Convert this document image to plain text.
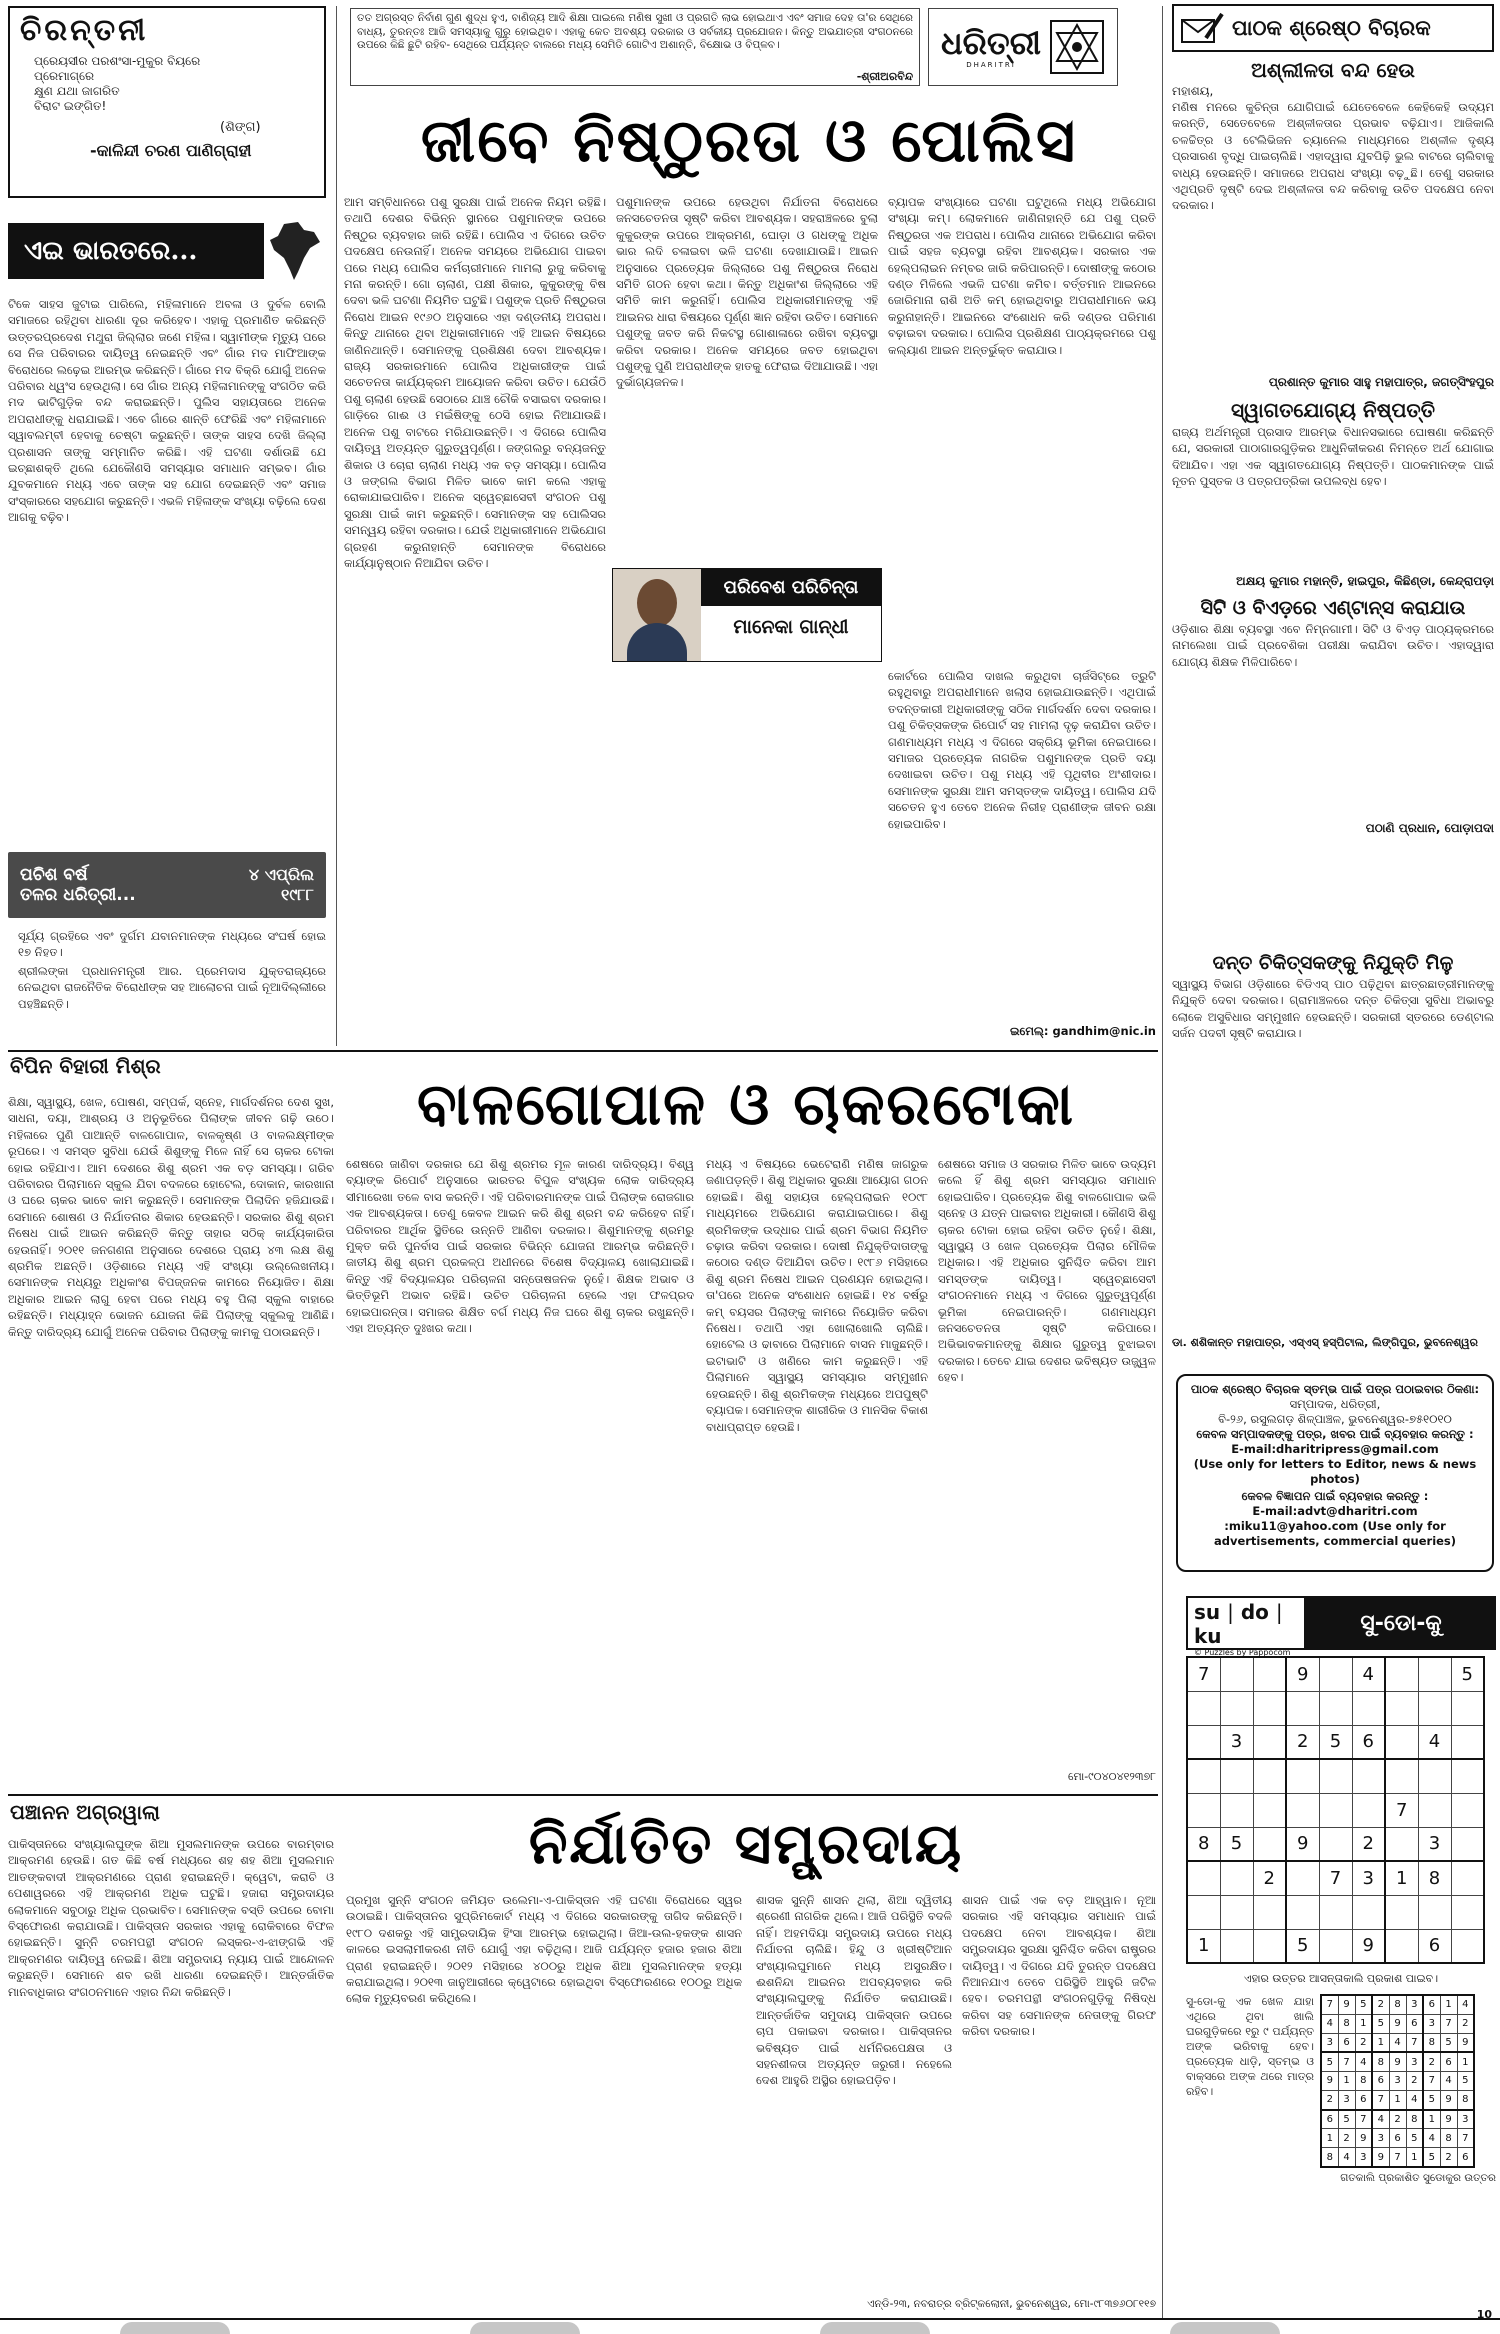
ଚିରନ୍ତନୀ
ପ୍ରେୟସୀର ପରଶଂସା-ମୁକୁର ବିୟରେ
ପ୍ରେମାଗ୍ରେ
କ୍ଷୁଣ ଯଥା ଜାଗରିତ
ବିରାଟ ଇଙ୍ଗିତ!
(ଶିଙ୍ଗ)
-କାଳିନ୍ଦୀ ଚରଣ ପାଣିଗ୍ରାହୀ
ତତ ଅଗ୍ରସ୍ତ ନିର୍ବାଣ ଗୁଣ ଶୁଦ୍ଧ ହୁଏ, ବାଣିଜ୍ୟ ଆଦି ଶିକ୍ଷା ପାଇଲେ ମଣିଷ ସୁଖୀ ଓ ପ୍ରଗତି ଲାଭ ହୋଇଥାଏ ଏବଂ ସମାଜ ଦେହ ତା'ର ସେଥିରେ ବାଧ୍ୟ, ତୁରନ୍ତଃ ଆଜି ସମସ୍ୟାକୁ ଗୁରୁ ହୋଇଥିବ। ଏହାକୁ କେତ ଅବଶ୍ୟ ଦରକାର ଓ ସର୍ବକୀୟ ପ୍ରଯୋଜନ। କିନ୍ତୁ ଅଭଯାତ୍ରୀ ସଂଗଠନରେ ଉପରେ କିଛି ଛୁଟି ରହିବ- ସେଥିରେ ପର୍ଯ୍ୟନ୍ତ ବାଲରେ ମଧ୍ୟ ସେମିତି ଗୋଟିଏ ଅଶାନ୍ତି, ବିକ୍ଷୋଭ ଓ ବିପ୍ଳବ।
-ଶ୍ରୀଅରବିନ୍ଦ
ଧରିତ୍ରୀ
DHARITRI
ପାଠକ ଶ୍ରେଷ୍ଠ ବିଚାରକ
ଅଶ୍ଲୀଳତା ବନ୍ଦ ହେଉ
ମହାଶୟ,
ମଣିଷ ମନରେ କୁଚିନ୍ତା ଯୋଗିପାଇଁ ଯେତେବେଳେ କେହିକେହି ଉଦ୍ୟମ କରନ୍ତି, ସେତେବେଳେ ଅଶ୍ଳୀଳତାର ପ୍ରଭାବ ବଢ଼ିଯାଏ। ଆଜିକାଲି ଚଳଚ୍ଚିତ୍ର ଓ ଟେଲିଭିଜନ ଚ୍ୟାନେଲ ମାଧ୍ୟମରେ ଅଶ୍ଳୀଳ ଦୃଶ୍ୟ ପ୍ରସାରଣ ବୃଦ୍ଧି ପାଇଚାଲିଛି। ଏହାଦ୍ୱାରା ଯୁବପିଢ଼ି ଭୁଲ ବାଟରେ ଚାଲିବାକୁ ବାଧ୍ୟ ହେଉଛନ୍ତି। ସମାଜରେ ଅପରାଧ ସଂଖ୍ୟା ବଢ଼ୁଛି। ତେଣୁ ସରକାର ଏଥିପ୍ରତି ଦୃଷ୍ଟି ଦେଇ ଅଶ୍ଳୀଳତା ବନ୍ଦ କରିବାକୁ ଉଚିତ ପଦକ୍ଷେପ ନେବା ଦରକାର।
ପ୍ରଶାନ୍ତ କୁମାର ସାହୁ ମହାପାତ୍ର, ଜଗତ୍ସିଂହପୁର
ସ୍ୱାଗତଯୋଗ୍ୟ ନିଷ୍ପତ୍ତି
ରାଜ୍ୟ ଅର୍ଥମନ୍ତ୍ରୀ ପ୍ରସାଦ ଆରମ୍ଭ ବିଧାନସଭାରେ ଘୋଷଣା କରିଛନ୍ତି ଯେ, ସରକାରୀ ପାଠାଗାରଗୁଡ଼ିକର ଆଧୁନିକୀକରଣ ନିମନ୍ତେ ଅର୍ଥ ଯୋଗାଇ ଦିଆଯିବ। ଏହା ଏକ ସ୍ୱାଗତଯୋଗ୍ୟ ନିଷ୍ପତ୍ତି। ପାଠକମାନଙ୍କ ପାଇଁ ନୂତନ ପୁସ୍ତକ ଓ ପତ୍ରପତ୍ରିକା ଉପଲବ୍ଧ ହେବ।
ଅକ୍ଷୟ କୁମାର ମହାନ୍ତି, ହାଇପୁର, କିଛିଣ୍ଡା, କେନ୍ଦ୍ରାପଡ଼ା
ସିଟି ଓ ବିଏଡ଼ରେ ଏଣ୍ଟାନ୍ସ କରାଯାଉ
ଓଡ଼ିଶାର ଶିକ୍ଷା ବ୍ୟବସ୍ଥା ଏବେ ନିମ୍ନଗାମୀ। ସିଟି ଓ ବିଏଡ଼ ପାଠ୍ୟକ୍ରମରେ ନାମଲେଖା ପାଇଁ ପ୍ରବେଶିକା ପରୀକ୍ଷା କରାଯିବା ଉଚିତ। ଏହାଦ୍ୱାରା ଯୋଗ୍ୟ ଶିକ୍ଷକ ମିଳିପାରିବେ।
ପଠାଣି ପ୍ରଧାନ, ପୋଡ଼ାପଦା
ଦନ୍ତ ଚିକିତ୍ସକଙ୍କୁ ନିଯୁକ୍ତି ମିଳୁ
ସ୍ୱାସ୍ଥ୍ୟ ବିଭାଗ ଓଡ଼ିଶାରେ ବିଡିଏସ୍ ପାଠ ପଢ଼ିଥିବା ଛାତ୍ରଛାତ୍ରୀମାନଙ୍କୁ ନିଯୁକ୍ତି ଦେବା ଦରକାର। ଗ୍ରାମାଞ୍ଚଳରେ ଦନ୍ତ ଚିକିତ୍ସା ସୁବିଧା ଅଭାବରୁ ଲୋକେ ଅସୁବିଧାର ସମ୍ମୁଖୀନ ହେଉଛନ୍ତି। ସରକାରୀ ସ୍ତରରେ ଡେଣ୍ଟାଲ ସର୍ଜନ ପଦବୀ ସୃଷ୍ଟି କରାଯାଉ।
ଡା. ଶଶିକାନ୍ତ ମହାପାତ୍ର, ଏସ୍‌ଏସ୍ ହସ୍ପିଟାଲ, ଲିଙ୍ଗିପୁର, ଭୁବନେଶ୍ୱର
ପାଠକ ଶ୍ରେଷ୍ଠ ବିଚାରକ ସ୍ତମ୍ଭ ପାଇଁ ପତ୍ର ପଠାଇବାର ଠିକଣା:
ସମ୍ପାଦକ, ଧରିତ୍ରୀ,
ବି-୨୬, ରସୁଲଗଡ଼ ଶିଳ୍ପାଞ୍ଚଳ, ଭୁବନେଶ୍ୱର-୭୫୧୦୧୦
କେବଳ ସମ୍ପାଦକଙ୍କୁ ପତ୍ର, ଖବର ପାଇଁ ବ୍ୟବହାର କରନ୍ତୁ :
E-mail:dharitripress@gmail.com
(Use only for letters to Editor, news & news photos)
କେବଳ ବିଜ୍ଞାପନ ପାଇଁ ବ୍ୟବହାର କରନ୍ତୁ :
E-mail:advt@dharitri.com
:miku11@yahoo.com (Use only for advertisements, commercial queries)
su | do | ku
© Puzzles by Pappocom
ସୁ-ଡୋ-କୁ
7			9		4			5

	3		2	5	6		4	

						7		
8	5		9		2		3	
		2		7	3	1	8	

1			5		9		6	
ଏହାର ଉତ୍ତର ଆସନ୍ତାକାଲି ପ୍ରକାଶ ପାଇବ।
ସୁ-ଡୋ-କୁ ଏକ ଖେଳ ଯାହା ଏଥିରେ ଥିବା ଖାଲି ଘରଗୁଡ଼ିକରେ ୧ରୁ ୯ ପର୍ଯ୍ୟନ୍ତ ଅଙ୍କ ଭରିବାକୁ ହେବ। ପ୍ରତ୍ୟେକ ଧାଡ଼ି, ସ୍ତମ୍ଭ ଓ ବାକ୍ସରେ ଅଙ୍କ ଥରେ ମାତ୍ର ରହିବ।
7	9	5	2	8	3	6	1	4
4	8	1	5	9	6	3	7	2
3	6	2	1	4	7	8	5	9
5	7	4	8	9	3	2	6	1
9	1	8	6	3	2	7	4	5
2	3	6	7	1	4	5	9	8
6	5	7	4	2	8	1	9	3
1	2	9	3	6	5	4	8	7
8	4	3	9	7	1	5	2	6
ଗତକାଲି ପ୍ରକାଶିତ ସୁଡୋକୁର ଉତ୍ତର
ଏଇ ଭାରତରେ...
ଟିକେ ସାହସ ଜୁଟାଇ ପାରିଲେ, ମହିଳାମାନେ ଅବଳା ଓ ଦୁର୍ବଳ ବୋଲି ସମାଜରେ ରହିଥିବା ଧାରଣା ଦୂର କରିହେବ। ଏହାକୁ ପ୍ରମାଣିତ କରିଛନ୍ତି ଉତ୍ତରପ୍ରଦେଶ ମଥୁରା ଜିଲ୍ଲାର ଜଣେ ମହିଳା। ସ୍ୱାମୀଙ୍କ ମୃତ୍ୟୁ ପରେ ସେ ନିଜ ପରିବାରର ଦାୟିତ୍ୱ ନେଇଛନ୍ତି ଏବଂ ଗାଁର ମଦ ମାଫିଆଙ୍କ ବିରୋଧରେ ଲଢ଼େଇ ଆରମ୍ଭ କରିଛନ୍ତି। ଗାଁରେ ମଦ ବିକ୍ରି ଯୋଗୁଁ ଅନେକ ପରିବାର ଧ୍ୱଂସ ହେଉଥିଲା। ସେ ଗାଁର ଅନ୍ୟ ମହିଳାମାନଙ୍କୁ ସଂଗଠିତ କରି ମଦ ଭାଟିଗୁଡ଼ିକ ବନ୍ଦ କରାଇଛନ୍ତି। ପୁଲିସ ସହାୟତାରେ ଅନେକ ଅପରାଧୀଙ୍କୁ ଧରାଯାଇଛି। ଏବେ ଗାଁରେ ଶାନ୍ତି ଫେରିଛି ଏବଂ ମହିଳାମାନେ ସ୍ୱାବଲମ୍ବୀ ହେବାକୁ ଚେଷ୍ଟା କରୁଛନ୍ତି। ତାଙ୍କ ସାହସ ଦେଖି ଜିଲ୍ଲା ପ୍ରଶାସନ ତାଙ୍କୁ ସମ୍ମାନିତ କରିଛି। ଏହି ଘଟଣା ଦର୍ଶାଉଛି ଯେ ଇଚ୍ଛାଶକ୍ତି ଥିଲେ ଯେକୌଣସି ସମସ୍ୟାର ସମାଧାନ ସମ୍ଭବ। ଗାଁର ଯୁବକମାନେ ମଧ୍ୟ ଏବେ ତାଙ୍କ ସହ ଯୋଗ ଦେଇଛନ୍ତି ଏବଂ ସମାଜ ସଂସ୍କାରରେ ସହଯୋଗ କରୁଛନ୍ତି। ଏଭଳି ମହିଳାଙ୍କ ସଂଖ୍ୟା ବଢ଼ିଲେ ଦେଶ ଆଗକୁ ବଢ଼ିବ।
ପଚିଶ ବର୍ଷ
ତଳର ଧରିତ୍ରୀ...
୪ ଏପ୍ରିଲ
୧୯୮୮
ସୂର୍ଯ୍ୟ ଗ୍ରହିରେ ଏବଂ ଦୁର୍ଗମ ଯବାନମାନଙ୍କ ମଧ୍ୟରେ ସଂଘର୍ଷ ହୋଇ ୧୭ ନିହତ।
ଶ୍ରୀଲଙ୍କା ପ୍ରଧାନମନ୍ତ୍ରୀ ଆର. ପ୍ରେମଦାସ ଯୁକ୍ତରାଜ୍ୟରେ ନେଇଥିବା ରାଜନୈତିକ ବିରୋଧୀଙ୍କ ସହ ଆଲୋଚନା ପାଇଁ ନୂଆଦିଲ୍ଲୀରେ ପହଞ୍ଚିଛନ୍ତି।
ଜୀବେ ନିଷ୍ଠୁରତା ଓ ପୋଲିସ
ଆମ ସମ୍ବିଧାନରେ ପଶୁ ସୁରକ୍ଷା ପାଇଁ ଅନେକ ନିୟମ ରହିଛି। ତଥାପି ଦେଶର ବିଭିନ୍ନ ସ୍ଥାନରେ ପଶୁମାନଙ୍କ ଉପରେ ନିଷ୍ଠୁର ବ୍ୟବହାର ଜାରି ରହିଛି। ପୋଲିସ ଏ ଦିଗରେ ଉଚିତ ପଦକ୍ଷେପ ନେଉନାହିଁ। ଅନେକ ସମୟରେ ଅଭିଯୋଗ ପାଇବା ପରେ ମଧ୍ୟ ପୋଲିସ କର୍ମଚାରୀମାନେ ମାମଲା ରୁଜୁ କରିବାକୁ ମନା କରନ୍ତି। ଗୋ ଚାଲାଣ, ପକ୍ଷୀ ଶିକାର, କୁକୁରଙ୍କୁ ବିଷ ଦେବା ଭଳି ଘଟଣା ନିୟମିତ ଘଟୁଛି। ପଶୁଙ୍କ ପ୍ରତି ନିଷ୍ଠୁରତା ନିରୋଧ ଆଇନ ୧୯୬୦ ଅନୁସାରେ ଏହା ଦଣ୍ଡନୀୟ ଅପରାଧ। କିନ୍ତୁ ଥାନାରେ ଥିବା ଅଧିକାରୀମାନେ ଏହି ଆଇନ ବିଷୟରେ ଜାଣିନଥାନ୍ତି। ସେମାନଙ୍କୁ ପ୍ରଶିକ୍ଷଣ ଦେବା ଆବଶ୍ୟକ। ରାଜ୍ୟ ସରକାରମାନେ ପୋଲିସ ଅଧିକାରୀଙ୍କ ପାଇଁ ସଚେତନତା କାର୍ଯ୍ୟକ୍ରମ ଆୟୋଜନ କରିବା ଉଚିତ। ଯେଉଁଠି ପଶୁ ଚାଲାଣ ହେଉଛି ସେଠାରେ ଯାଞ୍ଚ ଚୌକି ବସାଇବା ଦରକାର। ଗାଡ଼ିରେ ଗାଈ ଓ ମଇଁଷିଙ୍କୁ ଠେସି ହୋଇ ନିଆଯାଉଛି। ଅନେକ ପଶୁ ବାଟରେ ମରିଯାଉଛନ୍ତି। ଏ ଦିଗରେ ପୋଲିସ ଦାୟିତ୍ୱ ଅତ୍ୟନ୍ତ ଗୁରୁତ୍ୱପୂର୍ଣ୍ଣ। ଜଙ୍ଗଲରୁ ବନ୍ୟଜନ୍ତୁ ଶିକାର ଓ ଚୋରା ଚାଲାଣ ମଧ୍ୟ ଏକ ବଡ଼ ସମସ୍ୟା। ପୋଲିସ ଓ ଜଙ୍ଗଲ ବିଭାଗ ମିଳିତ ଭାବେ କାମ କଲେ ଏହାକୁ ରୋକାଯାଇପାରିବ। ଅନେକ ସ୍ୱେଚ୍ଛାସେବୀ ସଂଗଠନ ପଶୁ ସୁରକ୍ଷା ପାଇଁ କାମ କରୁଛନ୍ତି। ସେମାନଙ୍କ ସହ ପୋଲିସର ସମନ୍ୱୟ ରହିବା ଦରକାର। ଯେଉଁ ଅଧିକାରୀମାନେ ଅଭିଯୋଗ ଗ୍ରହଣ କରୁନାହାନ୍ତି ସେମାନଙ୍କ ବିରୋଧରେ କାର୍ଯ୍ୟାନୁଷ୍ଠାନ ନିଆଯିବା ଉଚିତ।
ପଶୁମାନଙ୍କ ଉପରେ ହେଉଥିବା ନିର୍ଯାତନା ବିରୋଧରେ ଜନସଚେତନତା ସୃଷ୍ଟି କରିବା ଆବଶ୍ୟକ। ସହରାଞ୍ଚଳରେ ବୁଲା କୁକୁରଙ୍କ ଉପରେ ଆକ୍ରମଣ, ଘୋଡ଼ା ଓ ଗଧଙ୍କୁ ଅଧିକ ଭାର ଲଦି ଚଳାଇବା ଭଳି ଘଟଣା ଦେଖାଯାଉଛି। ଆଇନ ଅନୁସାରେ ପ୍ରତ୍ୟେକ ଜିଲ୍ଲାରେ ପଶୁ ନିଷ୍ଠୁରତା ନିରୋଧ ସମିତି ଗଠନ ହେବା କଥା। କିନ୍ତୁ ଅଧିକାଂଶ ଜିଲ୍ଲାରେ ଏହି ସମିତି କାମ କରୁନାହିଁ। ପୋଲିସ ଅଧିକାରୀମାନଙ୍କୁ ଏହି ଆଇନର ଧାରା ବିଷୟରେ ପୂର୍ଣ୍ଣ ଜ୍ଞାନ ରହିବା ଉଚିତ। ସେମାନେ ପଶୁଙ୍କୁ ଜବତ କରି ନିକଟସ୍ଥ ଗୋଶାଳାରେ ରଖିବା ବ୍ୟବସ୍ଥା କରିବା ଦରକାର। ଅନେକ ସମୟରେ ଜବତ ହୋଇଥିବା ପଶୁଙ୍କୁ ପୁଣି ଅପରାଧୀଙ୍କ ହାତକୁ ଫେରାଇ ଦିଆଯାଉଛି। ଏହା ଦୁର୍ଭାଗ୍ୟଜନକ।
ବ୍ୟାପକ ସଂଖ୍ୟାରେ ଘଟଣା ଘଟୁଥିଲେ ମଧ୍ୟ ଅଭିଯୋଗ ସଂଖ୍ୟା କମ୍। ଲୋକମାନେ ଜାଣିନାହାନ୍ତି ଯେ ପଶୁ ପ୍ରତି ନିଷ୍ଠୁରତା ଏକ ଅପରାଧ। ପୋଲିସ ଥାନାରେ ଅଭିଯୋଗ କରିବା ପାଇଁ ସହଜ ବ୍ୟବସ୍ଥା ରହିବା ଆବଶ୍ୟକ। ସରକାର ଏକ ହେଲ୍ପଲାଇନ ନମ୍ବର ଜାରି କରିପାରନ୍ତି। ଦୋଷୀଙ୍କୁ କଠୋର ଦଣ୍ଡ ମିଳିଲେ ଏଭଳି ଘଟଣା କମିବ। ବର୍ତ୍ତମାନ ଆଇନରେ ଜୋରିମାନା ରାଶି ଅତି କମ୍ ହୋଇଥିବାରୁ ଅପରାଧୀମାନେ ଭୟ କରୁନାହାନ୍ତି। ଆଇନରେ ସଂଶୋଧନ କରି ଦଣ୍ଡର ପରିମାଣ ବଢ଼ାଇବା ଦରକାର। ପୋଲିସ ପ୍ରଶିକ୍ଷଣ ପାଠ୍ୟକ୍ରମରେ ପଶୁ କଲ୍ୟାଣ ଆଇନ ଅନ୍ତର୍ଭୁକ୍ତ କରାଯାଉ।
ପରିବେଶ ପରିଚିନ୍ତା
ମାନେକା ଗାନ୍ଧୀ
କୋର୍ଟରେ ପୋଲିସ ଦାଖଲ କରୁଥିବା ଚାର୍ଜସିଟ୍‌ରେ ତ୍ରୁଟି ରହୁଥିବାରୁ ଅପରାଧୀମାନେ ଖଲାସ ହୋଇଯାଉଛନ୍ତି। ଏଥିପାଇଁ ତଦନ୍ତକାରୀ ଅଧିକାରୀଙ୍କୁ ସଠିକ ମାର୍ଗଦର୍ଶନ ଦେବା ଦରକାର। ପଶୁ ଚିକିତ୍ସକଙ୍କ ରିପୋର୍ଟ ସହ ମାମଲା ଦୃଢ଼ କରାଯିବା ଉଚିତ। ଗଣମାଧ୍ୟମ ମଧ୍ୟ ଏ ଦିଗରେ ସକ୍ରିୟ ଭୂମିକା ନେଇପାରେ। ସମାଜର ପ୍ରତ୍ୟେକ ନାଗରିକ ପଶୁମାନଙ୍କ ପ୍ରତି ଦୟା ଦେଖାଇବା ଉଚିତ। ପଶୁ ମଧ୍ୟ ଏହି ପୃଥିବୀର ଅଂଶୀଦାର। ସେମାନଙ୍କ ସୁରକ୍ଷା ଆମ ସମସ୍ତଙ୍କ ଦାୟିତ୍ୱ। ପୋଲିସ ଯଦି ସଚେତନ ହୁଏ ତେବେ ଅନେକ ନିରୀହ ପ୍ରାଣୀଙ୍କ ଜୀବନ ରକ୍ଷା ହୋଇପାରିବ।
ଇମେଲ୍: gandhim@nic.in
ବିପିନ ବିହାରୀ ମିଶ୍ର
ବାଳଗୋପାଳ ଓ ଚାକରଟୋକା
ଶିକ୍ଷା, ସ୍ୱାସ୍ଥ୍ୟ, ଖେଳ, ପୋଷଣ, ସମ୍ପର୍କ, ସ୍ନେହ, ମାର୍ଗଦର୍ଶନର ଦେଶ ସୁଖ, ସାଧନା, ଦୟା, ଆଶ୍ରୟ ଓ ଅନୁଭୂତିରେ ପିଲାଙ୍କ ଜୀବନ ଗଢ଼ି ଉଠେ। ମହିଳାରେ ପୁଣି ପାଆନ୍ତି ବାଳଗୋପାଳ, ବାଳକୃଷ୍ଣ ଓ ବାଳଲକ୍ଷ୍ମୀଙ୍କ ରୂପରେ। ଏ ସମସ୍ତ ସୁବିଧା ଯେଉଁ ଶିଶୁଙ୍କୁ ମିଳେ ନାହିଁ ସେ ଚାକର ଟୋକା ହୋଇ ରହିଯାଏ। ଆମ ଦେଶରେ ଶିଶୁ ଶ୍ରମ ଏକ ବଡ଼ ସମସ୍ୟା। ଗରିବ ପରିବାରର ପିଲାମାନେ ସ୍କୁଲ ଯିବା ବଦଳରେ ହୋଟେଲ, ଦୋକାନ, କାରଖାନା ଓ ଘରେ ଚାକର ଭାବେ କାମ କରୁଛନ୍ତି। ସେମାନଙ୍କ ପିଲାଦିନ ହଜିଯାଉଛି। ସେମାନେ ଶୋଷଣ ଓ ନିର୍ଯାତନାର ଶିକାର ହେଉଛନ୍ତି। ସରକାର ଶିଶୁ ଶ୍ରମ ନିଷେଧ ପାଇଁ ଆଇନ କରିଛନ୍ତି କିନ୍ତୁ ତାହାର ସଠିକ୍ କାର୍ଯ୍ୟକାରିତା ହେଉନାହିଁ। ୨୦୧୧ ଜନଗଣନା ଅନୁସାରେ ଦେଶରେ ପ୍ରାୟ ୪୩ ଲକ୍ଷ ଶିଶୁ ଶ୍ରମିକ ଅଛନ୍ତି। ଓଡ଼ିଶାରେ ମଧ୍ୟ ଏହି ସଂଖ୍ୟା ଉଲ୍ଲେଖନୀୟ। ସେମାନଙ୍କ ମଧ୍ୟରୁ ଅଧିକାଂଶ ବିପଜ୍ଜନକ କାମରେ ନିୟୋଜିତ। ଶିକ୍ଷା ଅଧିକାର ଆଇନ ଲାଗୁ ହେବା ପରେ ମଧ୍ୟ ବହୁ ପିଲା ସ୍କୁଲ ବାହାରେ ରହିଛନ୍ତି। ମଧ୍ୟାହ୍ନ ଭୋଜନ ଯୋଜନା କିଛି ପିଲାଙ୍କୁ ସ୍କୁଲକୁ ଆଣିଛି। କିନ୍ତୁ ଦାରିଦ୍ର୍ୟ ଯୋଗୁଁ ଅନେକ ପରିବାର ପିଲାଙ୍କୁ କାମକୁ ପଠାଉଛନ୍ତି।
ଶେଷରେ ଜାଣିବା ଦରକାର ଯେ ଶିଶୁ ଶ୍ରମର ମୂଳ କାରଣ ଦାରିଦ୍ର୍ୟ। ବିଶ୍ୱ ବ୍ୟାଙ୍କ ରିପୋର୍ଟ ଅନୁସାରେ ଭାରତର ବିପୁଳ ସଂଖ୍ୟକ ଲୋକ ଦାରିଦ୍ର୍ୟ ସୀମାରେଖା ତଳେ ବାସ କରନ୍ତି। ଏହି ପରିବାରମାନଙ୍କ ପାଇଁ ପିଲାଙ୍କ ରୋଜଗାର ଏକ ଆବଶ୍ୟକତା। ତେଣୁ କେବଳ ଆଇନ କରି ଶିଶୁ ଶ୍ରମ ବନ୍ଦ କରିହେବ ନାହିଁ। ପରିବାରର ଆର୍ଥିକ ସ୍ଥିତିରେ ଉନ୍ନତି ଆଣିବା ଦରକାର। ଶିଶୁମାନଙ୍କୁ ଶ୍ରମରୁ ମୁକ୍ତ କରି ପୁନର୍ବାସ ପାଇଁ ସରକାର ବିଭିନ୍ନ ଯୋଜନା ଆରମ୍ଭ କରିଛନ୍ତି। ଜାତୀୟ ଶିଶୁ ଶ୍ରମ ପ୍ରକଳ୍ପ ଅଧୀନରେ ବିଶେଷ ବିଦ୍ୟାଳୟ ଖୋଲାଯାଇଛି। କିନ୍ତୁ ଏହି ବିଦ୍ୟାଳୟର ପରିଚାଳନା ସନ୍ତୋଷଜନକ ନୁହେଁ। ଶିକ୍ଷକ ଅଭାବ ଓ ଭିତ୍ତିଭୂମି ଅଭାବ ରହିଛି। ଉଚିତ ପରିଚାଳନା ହେଲେ ଏହା ଫଳପ୍ରଦ ହୋଇପାରନ୍ତା। ସମାଜର ଶିକ୍ଷିତ ବର୍ଗ ମଧ୍ୟ ନିଜ ଘରେ ଶିଶୁ ଚାକର ରଖୁଛନ୍ତି। ଏହା ଅତ୍ୟନ୍ତ ଦୁଃଖର କଥା।
ମଧ୍ୟ ଏ ବିଷୟରେ ଭେଟେରାଣି ମଣିଷ ଜାଗରୁକ ଜଣାପଡ଼ନ୍ତି। ଶିଶୁ ଅଧିକାର ସୁରକ୍ଷା ଆୟୋଗ ଗଠନ ହୋଇଛି। ଶିଶୁ ସହାୟତା ହେଲ୍ପଲାଇନ ୧୦୯୮ ମାଧ୍ୟମରେ ଅଭିଯୋଗ କରାଯାଇପାରେ। ଶିଶୁ ଶ୍ରମିକଙ୍କ ଉଦ୍ଧାର ପାଇଁ ଶ୍ରମ ବିଭାଗ ନିୟମିତ ଚଢ଼ାଉ କରିବା ଦରକାର। ଦୋଷୀ ନିଯୁକ୍ତିଦାତାଙ୍କୁ କଠୋର ଦଣ୍ଡ ଦିଆଯିବା ଉଚିତ। ୧୯୮୬ ମସିହାରେ ଶିଶୁ ଶ୍ରମ ନିଷେଧ ଆଇନ ପ୍ରଣୟନ ହୋଇଥିଲା। ତା'ପରେ ଅନେକ ସଂଶୋଧନ ହୋଇଛି। ୧୪ ବର୍ଷରୁ କମ୍ ବୟସର ପିଲାଙ୍କୁ କାମରେ ନିୟୋଜିତ କରିବା ନିଷେଧ। ତଥାପି ଏହା ଖୋଲାଖୋଲି ଚାଲିଛି। ହୋଟେଲ ଓ ଢାବାରେ ପିଲାମାନେ ବାସନ ମାଜୁଛନ୍ତି। ଇଟାଭାଟି ଓ ଖଣିରେ କାମ କରୁଛନ୍ତି। ଏହି ପିଲାମାନେ ସ୍ୱାସ୍ଥ୍ୟ ସମସ୍ୟାର ସମ୍ମୁଖୀନ ହେଉଛନ୍ତି। ଶିଶୁ ଶ୍ରମିକଙ୍କ ମଧ୍ୟରେ ଅପପୁଷ୍ଟି ବ୍ୟାପକ। ସେମାନଙ୍କ ଶାରୀରିକ ଓ ମାନସିକ ବିକାଶ ବାଧାପ୍ରାପ୍ତ ହେଉଛି।
ଶେଷରେ ସମାଜ ଓ ସରକାର ମିଳିତ ଭାବେ ଉଦ୍ୟମ କଲେ ହିଁ ଶିଶୁ ଶ୍ରମ ସମସ୍ୟାର ସମାଧାନ ହୋଇପାରିବ। ପ୍ରତ୍ୟେକ ଶିଶୁ ବାଳଗୋପାଳ ଭଳି ସ୍ନେହ ଓ ଯତ୍ନ ପାଇବାର ଅଧିକାରୀ। କୌଣସି ଶିଶୁ ଚାକର ଟୋକା ହୋଇ ରହିବା ଉଚିତ ନୁହେଁ। ଶିକ୍ଷା, ସ୍ୱାସ୍ଥ୍ୟ ଓ ଖେଳ ପ୍ରତ୍ୟେକ ପିଲାର ମୌଳିକ ଅଧିକାର। ଏହି ଅଧିକାର ସୁନିଶ୍ଚିତ କରିବା ଆମ ସମସ୍ତଙ୍କ ଦାୟିତ୍ୱ। ସ୍ୱେଚ୍ଛାସେବୀ ସଂଗଠନମାନେ ମଧ୍ୟ ଏ ଦିଗରେ ଗୁରୁତ୍ୱପୂର୍ଣ୍ଣ ଭୂମିକା ନେଇପାରନ୍ତି। ଗଣମାଧ୍ୟମ ଜନସଚେତନତା ସୃଷ୍ଟି କରିପାରେ। ଅଭିଭାବକମାନଙ୍କୁ ଶିକ୍ଷାର ଗୁରୁତ୍ୱ ବୁଝାଇବା ଦରକାର। ତେବେ ଯାଇ ଦେଶର ଭବିଷ୍ୟତ ଉଜ୍ଜ୍ୱଳ ହେବ।
ମୋ-୯୦୪୦୪୧୨୩୭୮
ପଞ୍ଚାନନ ଅଗ୍ରୱାଲା	ନିର୍ଯାତିତ ସମ୍ପ୍ରଦାୟ
ପାକିସ୍ତାନରେ ସଂଖ୍ୟାଲଘୁଙ୍କ ଶିଆ ମୁସଲମାନଙ୍କ ଉପରେ ବାରମ୍ବାର ଆକ୍ରମଣ ହେଉଛି। ଗତ କିଛି ବର୍ଷ ମଧ୍ୟରେ ଶହ ଶହ ଶିଆ ମୁସଲମାନ ଆତଙ୍କବାଦୀ ଆକ୍ରମଣରେ ପ୍ରାଣ ହରାଇଛନ୍ତି। କ୍ୱେଟା, କରାଚି ଓ ପେଶାୱରରେ ଏହି ଆକ୍ରମଣ ଅଧିକ ଘଟୁଛି। ହଜାରା ସମ୍ପ୍ରଦାୟର ଲୋକମାନେ ସବୁଠାରୁ ଅଧିକ ପ୍ରଭାବିତ। ସେମାନଙ୍କ ବସ୍ତି ଉପରେ ବୋମା ବିସ୍ଫୋରଣ କରାଯାଉଛି। ପାକିସ୍ତାନ ସରକାର ଏହାକୁ ରୋକିବାରେ ବିଫଳ ହୋଇଛନ୍ତି। ସୁନ୍ନି ଚରମପନ୍ଥୀ ସଂଗଠନ ଲସ୍କର-ଏ-ଝାଙ୍ଗଭି ଏହି ଆକ୍ରମଣର ଦାୟିତ୍ୱ ନେଇଛି। ଶିଆ ସମ୍ପ୍ରଦାୟ ନ୍ୟାୟ ପାଇଁ ଆନ୍ଦୋଳନ କରୁଛନ୍ତି। ସେମାନେ ଶବ ରଖି ଧାରଣା ଦେଇଛନ୍ତି। ଆନ୍ତର୍ଜାତିକ ମାନବାଧିକାର ସଂଗଠନମାନେ ଏହାର ନିନ୍ଦା କରିଛନ୍ତି।
ପ୍ରମୁଖ ସୁନ୍ନି ସଂଗଠନ ଜମିୟତ ଉଲେମା-ଏ-ପାକିସ୍ତାନ ଏହି ଘଟଣା ବିରୋଧରେ ସ୍ୱର ଉଠାଇଛି। ପାକିସ୍ତାନର ସୁପ୍ରିମକୋର୍ଟ ମଧ୍ୟ ଏ ଦିଗରେ ସରକାରଙ୍କୁ ତାଗିଦ କରିଛନ୍ତି। ୧୯୮୦ ଦଶକରୁ ଏହି ସାମ୍ପ୍ରଦାୟିକ ହିଂସା ଆରମ୍ଭ ହୋଇଥିଲା। ଜିଆ-ଉଲ-ହକଙ୍କ ଶାସନ କାଳରେ ଇସଲାମୀକରଣ ନୀତି ଯୋଗୁଁ ଏହା ବଢ଼ିଥିଲା। ଆଜି ପର୍ଯ୍ୟନ୍ତ ହଜାର ହଜାର ଶିଆ ପ୍ରାଣ ହରାଇଛନ୍ତି। ୨୦୧୨ ମସିହାରେ ୪୦୦ରୁ ଅଧିକ ଶିଆ ମୁସଲମାନଙ୍କ ହତ୍ୟା କରାଯାଇଥିଲା। ୨୦୧୩ ଜାନୁଆରୀରେ କ୍ୱେଟାରେ ହୋଇଥିବା ବିସ୍ଫୋରଣରେ ୧୦୦ରୁ ଅଧିକ ଲୋକ ମୃତ୍ୟୁବରଣ କରିଥିଲେ।
ଶାସକ ସୁନ୍ନି ଶାସନ ଥିଲା, ଶିଆ ଦ୍ୱିତୀୟ ଶ୍ରେଣୀ ନାଗରିକ ଥିଲେ। ଆଜି ପରିସ୍ଥିତି ବଦଳି ନାହିଁ। ଅହମଦିୟା ସମ୍ପ୍ରଦାୟ ଉପରେ ମଧ୍ୟ ନିର୍ଯାତନା ଚାଲିଛି। ହିନ୍ଦୁ ଓ ଖ୍ରୀଷ୍ଟିଆନ ସଂଖ୍ୟାଲଘୁମାନେ ମଧ୍ୟ ଅସୁରକ୍ଷିତ। ଈଶନିନ୍ଦା ଆଇନର ଅପବ୍ୟବହାର କରି ସଂଖ୍ୟାଲଘୁଙ୍କୁ ନିର୍ଯାତିତ କରାଯାଉଛି। ଆନ୍ତର୍ଜାତିକ ସମୁଦାୟ ପାକିସ୍ତାନ ଉପରେ ଚାପ ପକାଇବା ଦରକାର। ପାକିସ୍ତାନର ଭବିଷ୍ୟତ ପାଇଁ ଧର୍ମନିରପେକ୍ଷତା ଓ ସହନଶୀଳତା ଅତ୍ୟନ୍ତ ଜରୁରୀ। ନହେଲେ ଦେଶ ଆହୁରି ଅସ୍ଥିର ହୋଇପଡ଼ିବ।
ଶାସନ ପାଇଁ ଏକ ବଡ଼ ଆହ୍ୱାନ। ନୂଆ ସରକାର ଏହି ସମସ୍ୟାର ସମାଧାନ ପାଇଁ ପଦକ୍ଷେପ ନେବା ଆବଶ୍ୟକ। ଶିଆ ସମ୍ପ୍ରଦାୟର ସୁରକ୍ଷା ସୁନିଶ୍ଚିତ କରିବା ରାଷ୍ଟ୍ରର ଦାୟିତ୍ୱ। ଏ ଦିଗରେ ଯଦି ତୁରନ୍ତ ପଦକ୍ଷେପ ନିଆନଯାଏ ତେବେ ପରିସ୍ଥିତି ଆହୁରି ଜଟିଳ ହେବ। ଚରମପନ୍ଥୀ ସଂଗଠନଗୁଡ଼ିକୁ ନିଷିଦ୍ଧ କରିବା ସହ ସେମାନଙ୍କ ନେତାଙ୍କୁ ଗିରଫ କରିବା ଦରକାର।
ଏନ୍‌ଡି-୨୩, ନବରାତ୍ର ବ୍ରିଟ୍‌କଲୋନୀ, ଭୁବନେଶ୍ୱର, ମୋ-୯୮୩୭୬୦୮୧୧୭
10
